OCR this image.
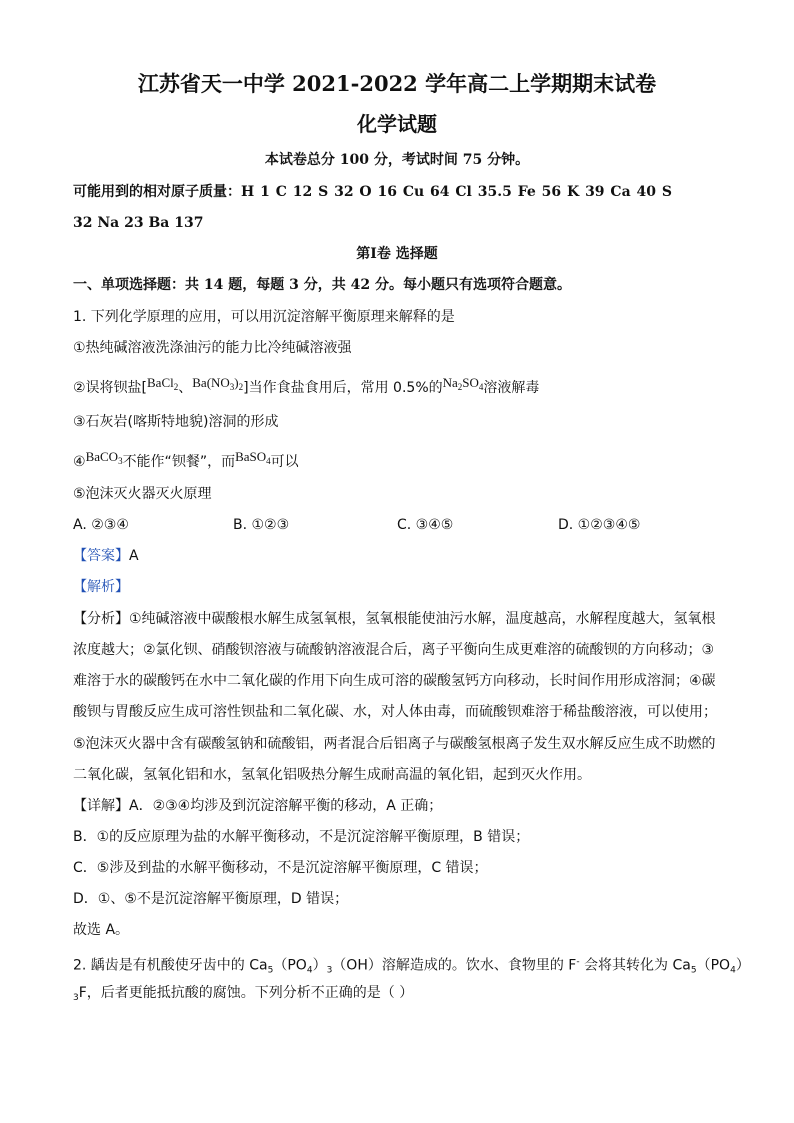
江苏省天一中学 2021-2022 学年高二上学期期末试卷
化学试题
本试卷总分 100 分，考试时间 75 分钟。
可能用到的相对原子质量：H 1 C 12 S 32 O 16 Cu 64 Cl 35.5 Fe 56 K 39 Ca 40 S
32 Na 23 Ba 137
第Ⅰ卷 选择题
一、单项选择题：共 14 题，每题 3 分，共 42 分。每小题只有选项符合题意。
1. 下列化学原理的应用，可以用沉淀溶解平衡原理来解释的是
①热纯碱溶液洗涤油污的能力比冷纯碱溶液强
②误将钡盐[BaCl$_2$、$Ba(NO_3)_2$]当作食盐食用后，常用 0.5%的$Na_2SO_4$溶液解毒
③石灰岩(喀斯特地貌)溶洞的形成
④BaCO$_3$不能作“钡餐”，而BaSO$_4$可以
⑤泡沫灭火器灭火原理
A. ②③④	B. ①②③	C. ③④⑤	D. ①②③④⑤
【答案】A
【解析】
【分析】①纯碱溶液中碳酸根水解生成氢氧根，氢氧根能使油污水解，温度越高，水解程度越大，氢氧根
浓度越大；②氯化钡、硝酸钡溶液与硫酸钠溶液混合后，离子平衡向生成更难溶的硫酸钡的方向移动；③
难溶于水的碳酸钙在水中二氧化碳的作用下向生成可溶的碳酸氢钙方向移动，长时间作用形成溶洞；④碳
酸钡与胃酸反应生成可溶性钡盐和二氧化碳、水，对人体由毒，而硫酸钡难溶于稀盐酸溶液，可以使用；
⑤泡沫灭火器中含有碳酸氢钠和硫酸铝，两者混合后铝离子与碳酸氢根离子发生双水解反应生成不助燃的
二氧化碳，氢氧化铝和水，氢氧化铝吸热分解生成耐高温的氧化铝，起到灭火作用。
【详解】A．②③④均涉及到沉淀溶解平衡的移动，A 正确；
B．①的反应原理为盐的水解平衡移动，不是沉淀溶解平衡原理，B 错误；
C．⑤涉及到盐的水解平衡移动，不是沉淀溶解平衡原理，C 错误；
D．①、⑤不是沉淀溶解平衡原理，D 错误；
故选 A。
2. 龋齿是有机酸使牙齿中的 $Ca_5(PO_4)_3(OH)$溶解造成的。饮水、食物里的 F- 会将其转化为 $Ca_5(PO_4)$
$_3$F，后者更能抵抗酸的腐蚀。下列分析不正确的是（ ）
